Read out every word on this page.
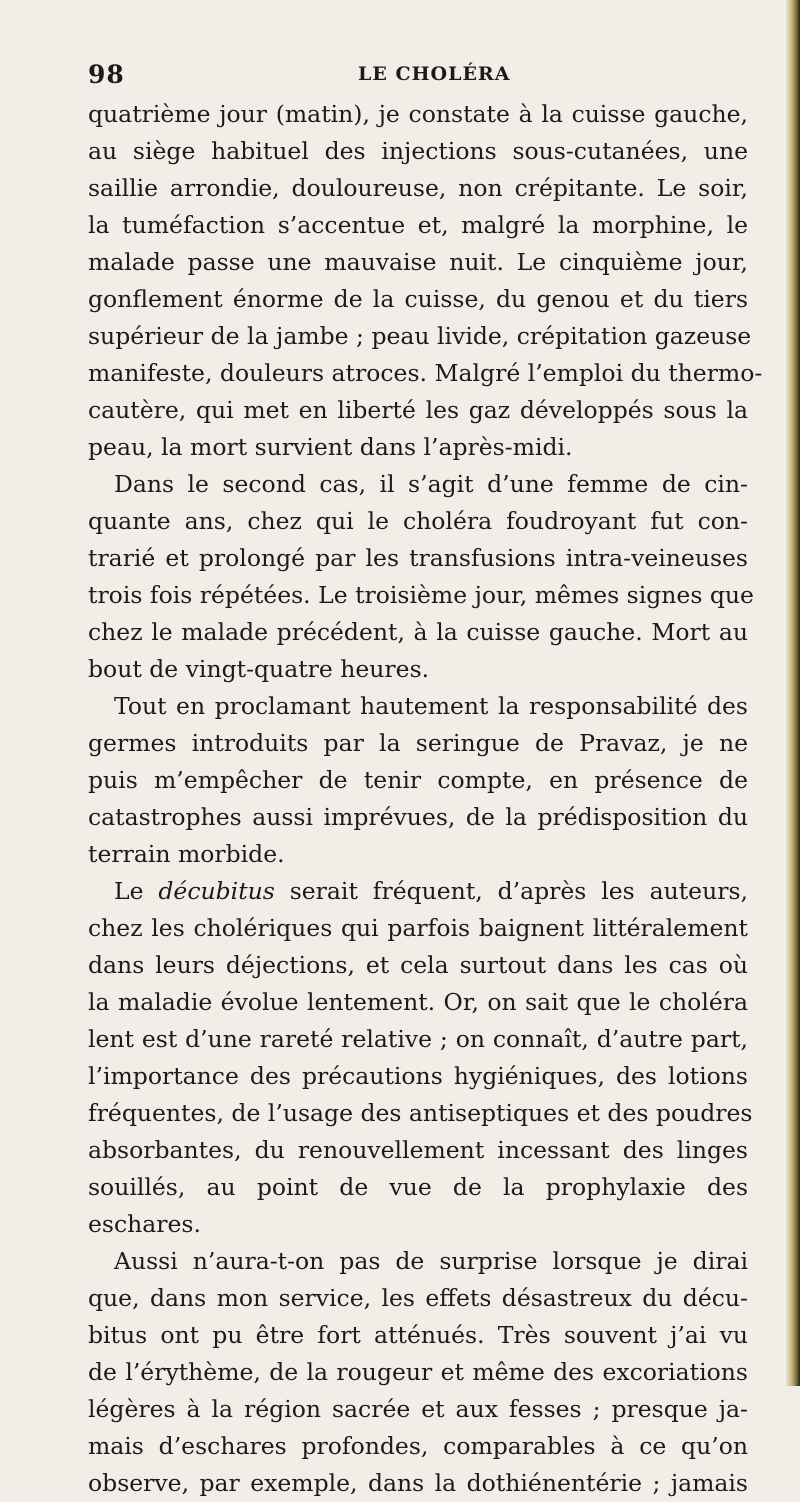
98	LE CHOLÉRA
quatrième jour (matin), je constate à la cuisse gauche,
au siège habituel des injections sous-cutanées, une
saillie arrondie, douloureuse, non crépitante. Le soir,
la tuméfaction s’accentue et, malgré la morphine, le
malade passe une mauvaise nuit. Le cinquième jour,
gonflement énorme de la cuisse, du genou et du tiers
supérieur de la jambe ; peau livide, crépitation gazeuse
manifeste, douleurs atroces. Malgré l’emploi du thermo-
cautère, qui met en liberté les gaz développés sous la
peau, la mort survient dans l’après-midi.
Dans le second cas, il s’agit d’une femme de cin-
quante ans, chez qui le choléra foudroyant fut con-
trarié et prolongé par les transfusions intra-veineuses
trois fois répétées. Le troisième jour, mêmes signes que
chez le malade précédent, à la cuisse gauche. Mort au
bout de vingt-quatre heures.
Tout en proclamant hautement la responsabilité des
germes introduits par la seringue de Pravaz, je ne
puis m’empêcher de tenir compte, en présence de
catastrophes aussi imprévues, de la prédisposition du
terrain morbide.
Le décubitus serait fréquent, d’après les auteurs,
chez les cholériques qui parfois baignent littéralement
dans leurs déjections, et cela surtout dans les cas où
la maladie évolue lentement. Or, on sait que le choléra
lent est d’une rareté relative ; on connaît, d’autre part,
l’importance des précautions hygiéniques, des lotions
fréquentes, de l’usage des antiseptiques et des poudres
absorbantes, du renouvellement incessant des linges
souillés, au point de vue de la prophylaxie des
eschares.
Aussi n’aura-t-on pas de surprise lorsque je dirai
que, dans mon service, les effets désastreux du décu-
bitus ont pu être fort atténués. Très souvent j’ai vu
de l’érythème, de la rougeur et même des excoriations
légères à la région sacrée et aux fesses ; presque ja-
mais d’eschares profondes, comparables à ce qu’on
observe, par exemple, dans la dothiénentérie ; jamais
